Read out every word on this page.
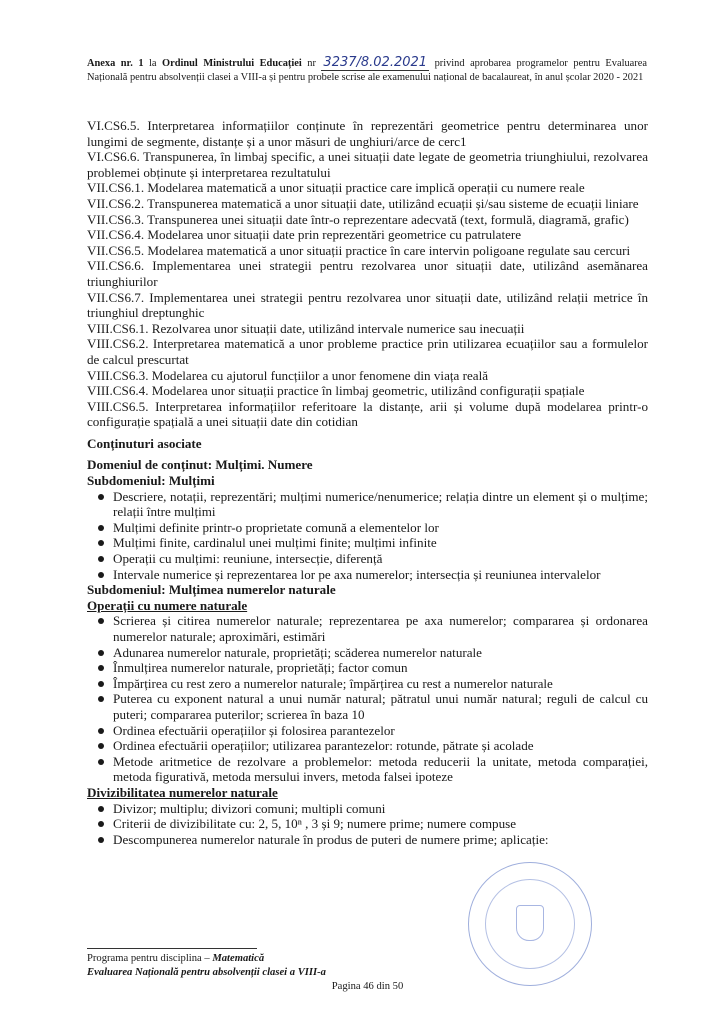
Anexa nr. 1 la Ordinul Ministrului Educației nr 3237/8.02.2021 privind aprobarea programelor pentru Evaluarea Națională pentru absolvenții clasei a VIII-a și pentru probele scrise ale examenului național de bacalaureat, în anul școlar 2020 - 2021

VI.CS6.5. Interpretarea informațiilor conținute în reprezentări geometrice pentru determinarea unor lungimi de segmente, distanțe și a unor măsuri de unghiuri/arce de cerc1

VI.CS6.6. Transpunerea, în limbaj specific, a unei situații date legate de geometria triunghiului, rezolvarea problemei obținute și interpretarea rezultatului

VII.CS6.1. Modelarea matematică a unor situații practice care implică operații cu numere reale

VII.CS6.2. Transpunerea matematică a unor situații date, utilizând ecuații și/sau sisteme de ecuații liniare

VII.CS6.3. Transpunerea unei situații date într-o reprezentare adecvată (text, formulă, diagramă, grafic)

VII.CS6.4. Modelarea unor situații date prin reprezentări geometrice cu patrulatere

VII.CS6.5. Modelarea matematică a unor situații practice în care intervin poligoane regulate sau cercuri

VII.CS6.6. Implementarea unei strategii pentru rezolvarea unor situații date, utilizând asemănarea triunghiurilor

VII.CS6.7. Implementarea unei strategii pentru rezolvarea unor situații date, utilizând relații metrice în triunghiul dreptunghic

VIII.CS6.1. Rezolvarea unor situații date, utilizând intervale numerice sau inecuații

VIII.CS6.2. Interpretarea matematică a unor probleme practice prin utilizarea ecuațiilor sau a formulelor de calcul prescurtat

VIII.CS6.3. Modelarea cu ajutorul funcțiilor a unor fenomene din viața reală

VIII.CS6.4. Modelarea unor situații practice în limbaj geometric, utilizând configurații spațiale

VIII.CS6.5. Interpretarea informațiilor referitoare la distanțe, arii și volume după modelarea printr-o configurație spațială a unei situații date din cotidian

Conținuturi asociate

Domeniul de conținut: Mulțimi. Numere

Subdomeniul: Mulțimi

Descriere, notații, reprezentări; mulțimi numerice/nenumerice; relația dintre un element și o mulțime; relații între mulțimi
Mulțimi definite printr-o proprietate comună a elementelor lor
Mulțimi finite, cardinalul unei mulțimi finite; mulțimi infinite
Operații cu mulțimi: reuniune, intersecție, diferență
Intervale numerice și reprezentarea lor pe axa numerelor; intersecția și reuniunea intervalelor

Subdomeniul: Mulțimea numerelor naturale

Operații cu numere naturale

Scrierea și citirea numerelor naturale; reprezentarea pe axa numerelor; compararea și ordonarea numerelor naturale; aproximări, estimări
Adunarea numerelor naturale, proprietăți; scăderea numerelor naturale
Înmulțirea numerelor naturale, proprietăți; factor comun
Împărțirea cu rest zero a numerelor naturale; împărțirea cu rest a numerelor naturale
Puterea cu exponent natural a unui număr natural; pătratul unui număr natural; reguli de calcul cu puteri; compararea puterilor; scrierea în baza 10
Ordinea efectuării operațiilor și folosirea parantezelor
Ordinea efectuării operațiilor; utilizarea parantezelor: rotunde, pătrate și acolade
Metode aritmetice de rezolvare a problemelor: metoda reducerii la unitate, metoda comparației, metoda figurativă, metoda mersului invers, metoda falsei ipoteze

Divizibilitatea numerelor naturale

Divizor; multiplu; divizori comuni; multipli comuni
Criterii de divizibilitate cu: 2, 5, 10ⁿ , 3 și 9; numere prime; numere compuse
Descompunerea numerelor naturale în produs de puteri de numere prime; aplicație:
Programa pentru disciplina – Matematică
Evaluarea Națională pentru absolvenții clasei a VIII-a
Pagina 46 din 50
